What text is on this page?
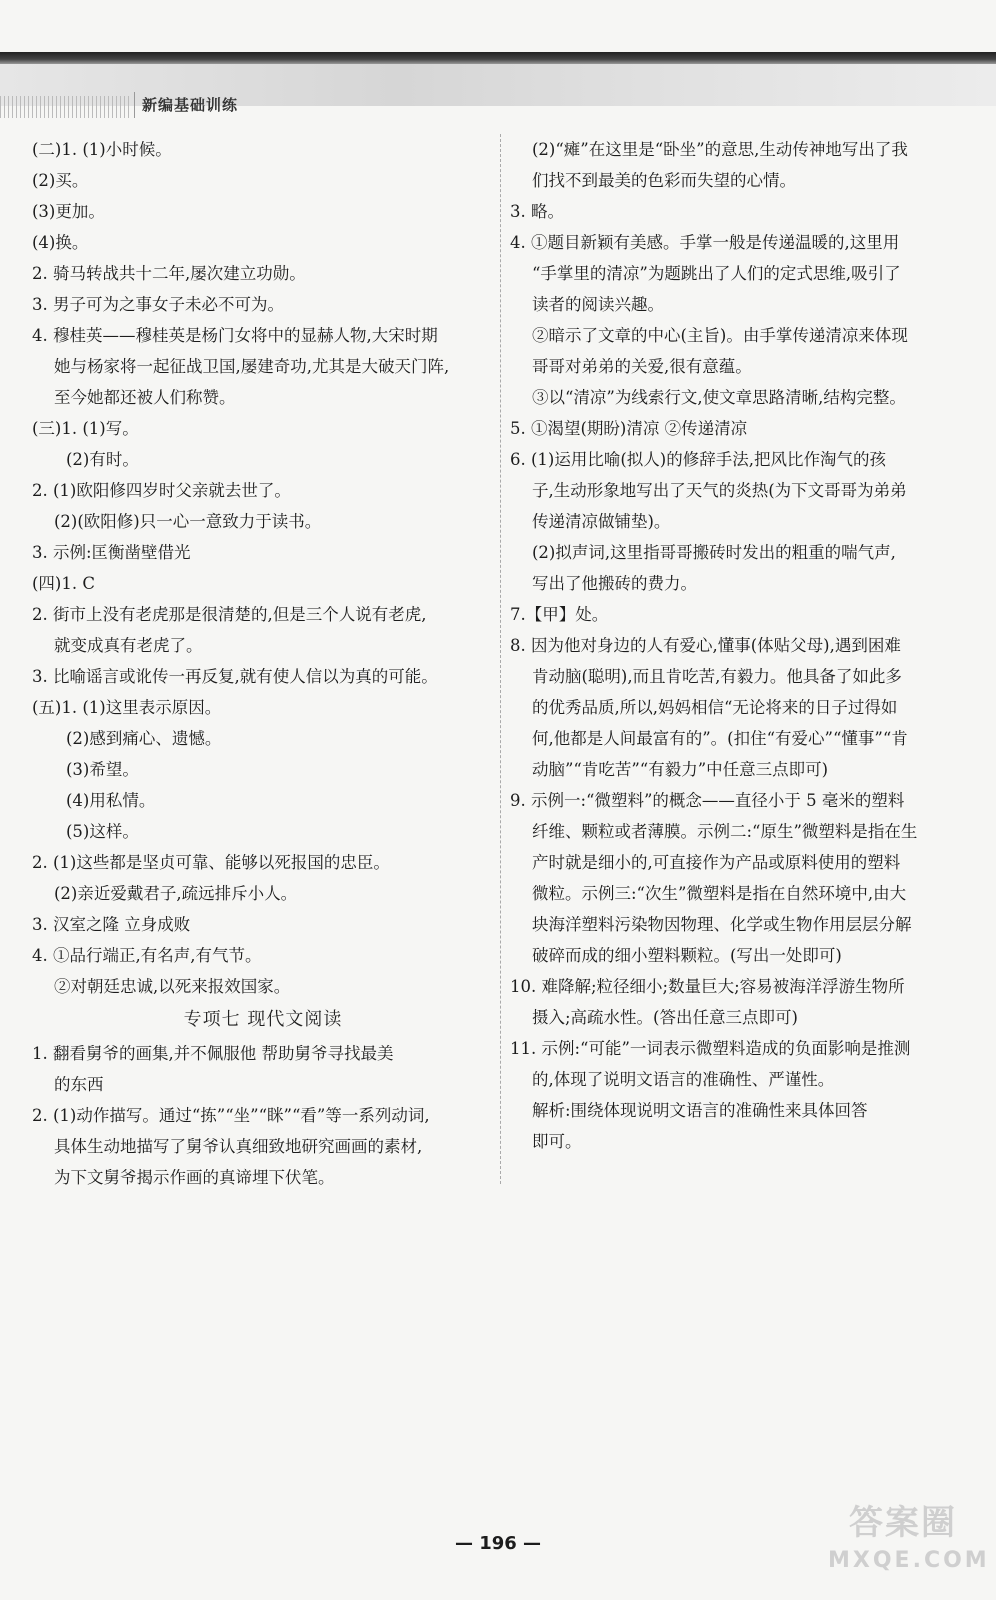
新编基础训练
(二)1. (1)小时候。
(2)买。
(3)更加。
(4)换。
2. 骑马转战共十二年,屡次建立功勋。
3. 男子可为之事女子未必不可为。
4. 穆桂英——穆桂英是杨门女将中的显赫人物,大宋时期
她与杨家将一起征战卫国,屡建奇功,尤其是大破天门阵,
至今她都还被人们称赞。
(三)1. (1)写。
(2)有时。
2. (1)欧阳修四岁时父亲就去世了。
(2)(欧阳修)只一心一意致力于读书。
3. 示例:匡衡凿壁借光
(四)1. C
2. 街市上没有老虎那是很清楚的,但是三个人说有老虎,
就变成真有老虎了。
3. 比喻谣言或讹传一再反复,就有使人信以为真的可能。
(五)1. (1)这里表示原因。
(2)感到痛心、遗憾。
(3)希望。
(4)用私情。
(5)这样。
2. (1)这些都是坚贞可靠、能够以死报国的忠臣。
(2)亲近爱戴君子,疏远排斥小人。
3. 汉室之隆 立身成败
4. ①品行端正,有名声,有气节。
②对朝廷忠诚,以死来报效国家。
专项七 现代文阅读
1. 翻看舅爷的画集,并不佩服他 帮助舅爷寻找最美
的东西
2. (1)动作描写。通过“拣”“坐”“眯”“看”等一系列动词,
具体生动地描写了舅爷认真细致地研究画画的素材,
为下文舅爷揭示作画的真谛埋下伏笔。
(2)“瘫”在这里是“卧坐”的意思,生动传神地写出了我
们找不到最美的色彩而失望的心情。
3. 略。
4. ①题目新颖有美感。手掌一般是传递温暖的,这里用
“手掌里的清凉”为题跳出了人们的定式思维,吸引了
读者的阅读兴趣。
②暗示了文章的中心(主旨)。由手掌传递清凉来体现
哥哥对弟弟的关爱,很有意蕴。
③以“清凉”为线索行文,使文章思路清晰,结构完整。
5. ①渴望(期盼)清凉 ②传递清凉
6. (1)运用比喻(拟人)的修辞手法,把风比作淘气的孩
子,生动形象地写出了天气的炎热(为下文哥哥为弟弟
传递清凉做铺垫)。
(2)拟声词,这里指哥哥搬砖时发出的粗重的喘气声,
写出了他搬砖的费力。
7.【甲】处。
8. 因为他对身边的人有爱心,懂事(体贴父母),遇到困难
肯动脑(聪明),而且肯吃苦,有毅力。他具备了如此多
的优秀品质,所以,妈妈相信“无论将来的日子过得如
何,他都是人间最富有的”。(扣住“有爱心”“懂事”“肯
动脑”“肯吃苦”“有毅力”中任意三点即可)
9. 示例一:“微塑料”的概念——直径小于 5 毫米的塑料
纤维、颗粒或者薄膜。示例二:“原生”微塑料是指在生
产时就是细小的,可直接作为产品或原料使用的塑料
微粒。示例三:“次生”微塑料是指在自然环境中,由大
块海洋塑料污染物因物理、化学或生物作用层层分解
破碎而成的细小塑料颗粒。(写出一处即可)
10. 难降解;粒径细小;数量巨大;容易被海洋浮游生物所
摄入;高疏水性。(答出任意三点即可)
11. 示例:“可能”一词表示微塑料造成的负面影响是推测
的,体现了说明文语言的准确性、严谨性。
解析:围绕体现说明文语言的准确性来具体回答
即可。
— 196 —
答案圈
MXQE.COM
